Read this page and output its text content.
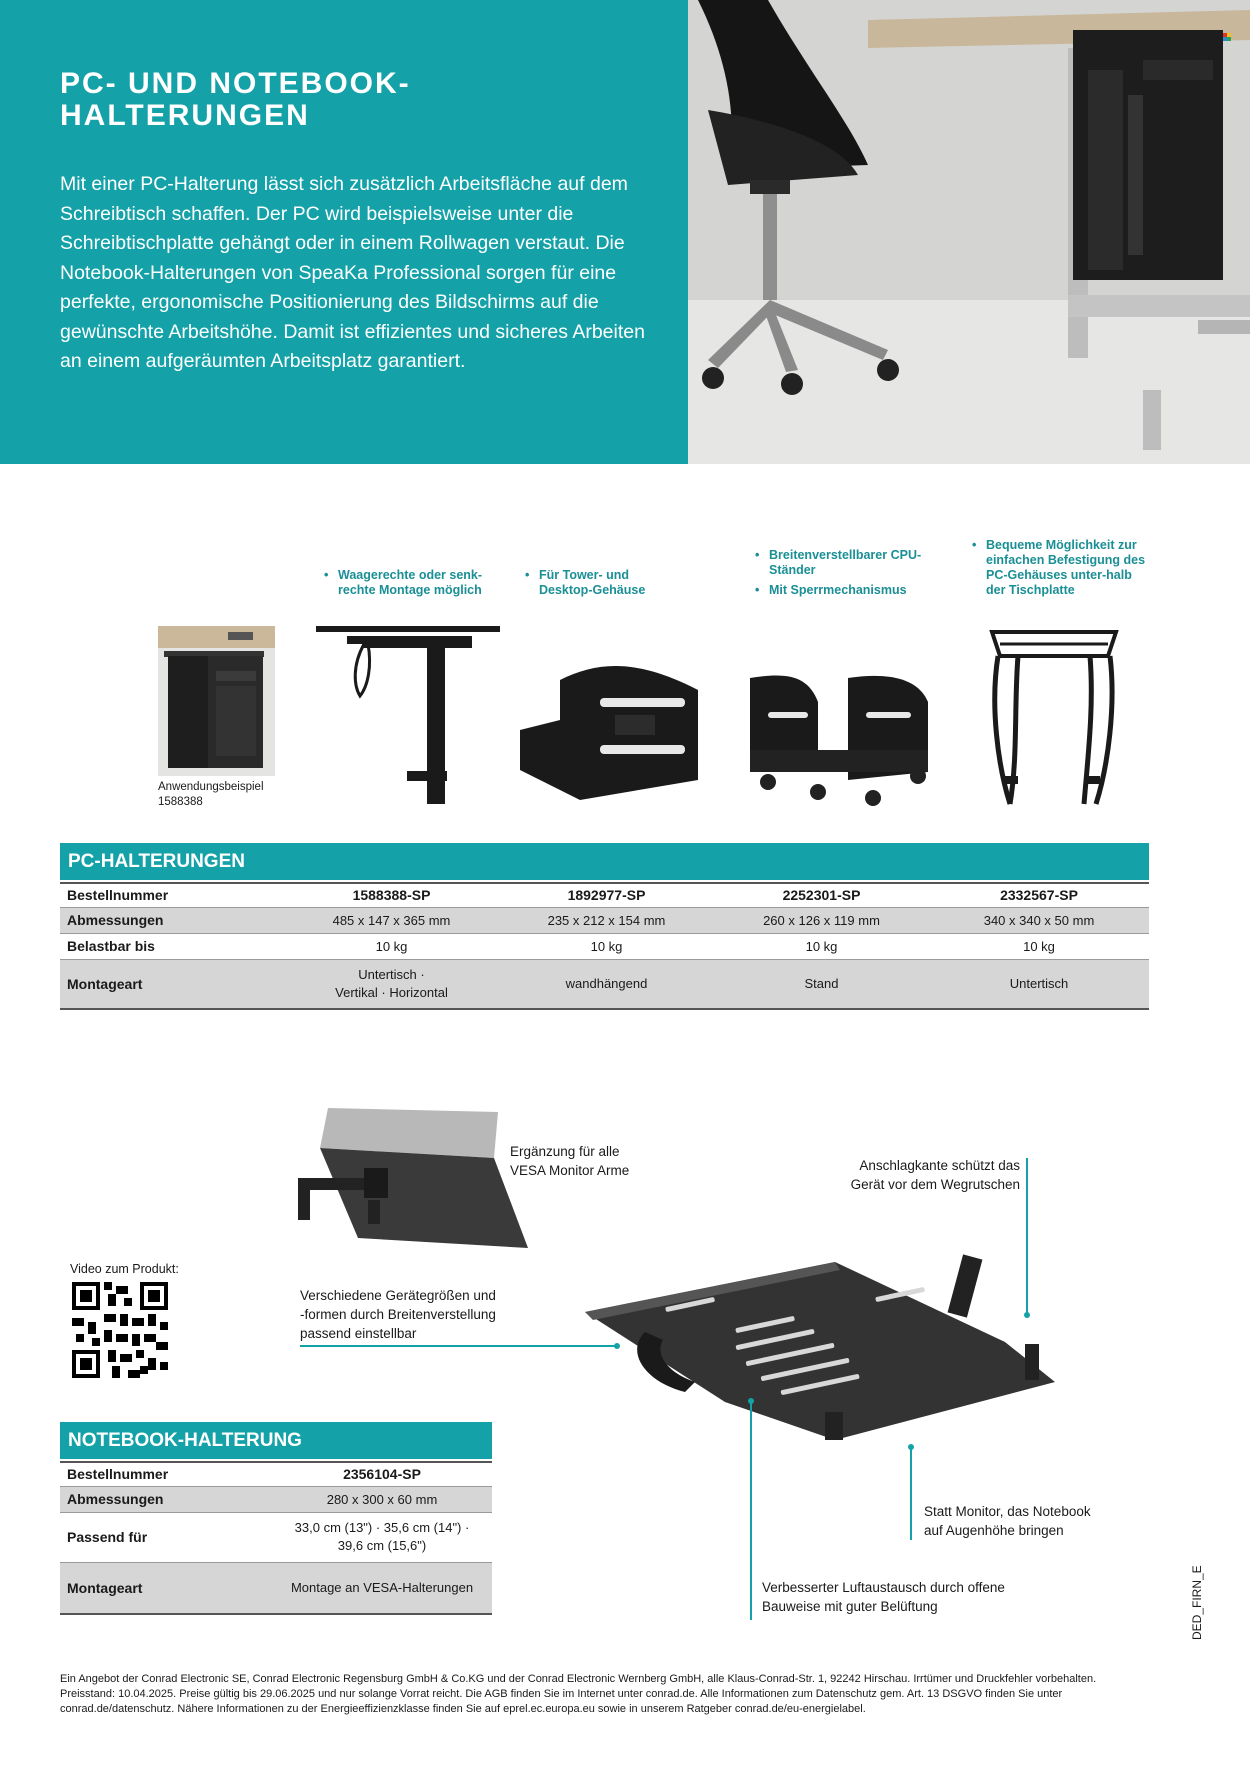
PC- UND NOTEBOOK-
HALTERUNGEN

Mit einer PC-Halterung lässt sich zusätzlich Arbeitsfläche auf dem Schreibtisch schaffen. Der PC wird beispielsweise unter die Schreibtischplatte gehängt oder in einem Rollwagen verstaut. Die Notebook-Halterungen von SpeaKa Professional sorgen für eine perfekte, ergonomische Positionierung des Bildschirms auf die gewünschte Arbeitshöhe. Damit ist effizientes und sicheres Arbeiten an einem aufgeräumten Arbeitsplatz garantiert.

• Waagerechte oder senk-rechte Montage möglich
• Für Tower- und Desktop-Gehäuse
• Breitenverstellbarer CPU-Ständer
• Mit Sperrmechanismus
• Bequeme Möglichkeit zur einfachen Befestigung des PC-Gehäuses unter-halb der Tischplatte
Anwendungsbeispiel
1588388
PC-HALTERUNGEN
Bestellnummer	1588388-SP	1892977-SP	2252301-SP	2332567-SP
Abmessungen	485 x 147 x 365 mm	235 x 212 x 154 mm	260 x 126 x 119 mm	340 x 340 x 50 mm
Belastbar bis	10 kg	10 kg	10 kg	10 kg
Montageart	Untertisch ·
Vertikal · Horizontal	wandhängend	Stand	Untertisch
Ergänzung für alle
VESA Monitor Arme	Anschlagkante schützt das
Gerät vor dem Wegrutschen
Video zum Produkt:
Verschiedene Gerätegrößen und
-formen durch Breitenverstellung
passend einstellbar
Verbesserter Luftaustausch durch offene
Bauweise mit guter Belüftung
Statt Monitor, das Notebook
auf Augenhöhe bringen
NOTEBOOK-HALTERUNG
Bestellnummer	2356104-SP
Abmessungen	280 x 300 x 60 mm
Passend für	33,0 cm (13") · 35,6 cm (14") ·
39,6 cm (15,6")
Montageart	Montage an VESA-Halterungen

Ein Angebot der Conrad Electronic SE, Conrad Electronic Regensburg GmbH & Co.KG und der Conrad Electronic Wernberg GmbH, alle Klaus-Conrad-Str. 1, 92242 Hirschau. Irrtümer und Druckfehler vorbehalten. Preisstand: 10.04.2025. Preise gültig bis 29.06.2025 und nur solange Vorrat reicht. Die AGB finden Sie im Internet unter conrad.de. Alle Informationen zum Datenschutz gem. Art. 13 DSGVO finden Sie unter conrad.de/datenschutz. Nähere Informationen zu der Energieeffizienzklasse finden Sie auf eprel.ec.europa.eu sowie in unserem Ratgeber conrad.de/eu-energielabel.

DED_FIRN_E
